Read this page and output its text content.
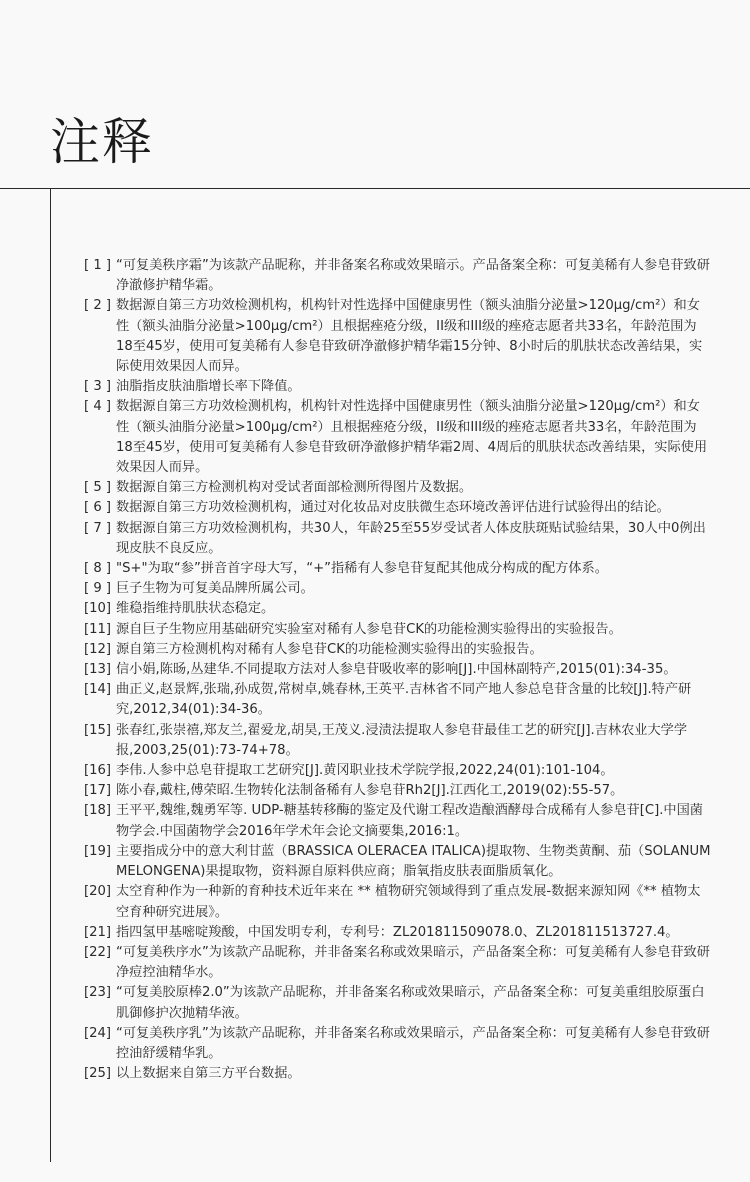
注释
[ 1 ] “可复美秩序霜”为该款产品昵称，并非备案名称或效果暗示。产品备案全称：可复美稀有人参皂苷致研净澈修护精华霜。
[ 2 ] 数据源自第三方功效检测机构，机构针对性选择中国健康男性（额头油脂分泌量>120μg/cm²）和女性（额头油脂分泌量>100μg/cm²）且根据痤疮分级，II级和III级的痤疮志愿者共33名，年龄范围为18至45岁，使用可复美稀有人参皂苷致研净澈修护精华霜15分钟、8小时后的肌肤状态改善结果，实际使用效果因人而异。
[ 3 ] 油脂指皮肤油脂增长率下降值。
[ 4 ] 数据源自第三方功效检测机构，机构针对性选择中国健康男性（额头油脂分泌量>120μg/cm²）和女性（额头油脂分泌量>100μg/cm²）且根据痤疮分级，II级和III级的痤疮志愿者共33名，年龄范围为18至45岁，使用可复美稀有人参皂苷致研净澈修护精华霜2周、4周后的肌肤状态改善结果，实际使用效果因人而异。
[ 5 ] 数据源自第三方检测机构对受试者面部检测所得图片及数据。
[ 6 ] 数据源自第三方功效检测机构，通过对化妆品对皮肤微生态环境改善评估进行试验得出的结论。
[ 7 ] 数据源自第三方功效检测机构，共30人，年龄25至55岁受试者人体皮肤斑贴试验结果，30人中0例出现皮肤不良反应。
[ 8 ] "S+"为取“参”拼音首字母大写，“+”指稀有人参皂苷复配其他成分构成的配方体系。
[ 9 ] 巨子生物为可复美品牌所属公司。
[10] 维稳指维持肌肤状态稳定。
[11] 源自巨子生物应用基础研究实验室对稀有人参皂苷CK的功能检测实验得出的实验报告。
[12] 源自第三方检测机构对稀有人参皂苷CK的功能检测实验得出的实验报告。
[13] 信小娟,陈旸,丛建华.不同提取方法对人参皂苷吸收率的影响[J].中国林副特产,2015(01):34-35。
[14] 曲正义,赵景辉,张瑞,孙成贺,常树卓,姚春林,王英平.吉林省不同产地人参总皂苷含量的比较[J].特产研究,2012,34(01):34-36。
[15] 张春红,张崇禧,郑友兰,翟爱龙,胡昊,王茂义.浸渍法提取人参皂苷最佳工艺的研究[J].吉林农业大学学报,2003,25(01):73-74+78。
[16] 李伟.人参中总皂苷提取工艺研究[J].黄冈职业技术学院学报,2022,24(01):101-104。
[17] 陈小春,戴柱,傅荣昭.生物转化法制备稀有人参皂苷Rh2[J].江西化工,2019(02):55-57。
[18] 王平平,魏维,魏勇军等. UDP-糖基转移酶的鉴定及代谢工程改造酿酒酵母合成稀有人参皂苷[C].中国菌物学会.中国菌物学会2016年学术年会论文摘要集,2016:1。
[19] 主要指成分中的意大利甘蓝（BRASSICA OLERACEA ITALICA)提取物、生物类黄酮、茄（SOLANUM MELONGENA)果提取物，资料源自原料供应商；脂氧指皮肤表面脂质氧化。
[20] 太空育种作为一种新的育种技术近年来在 ** 植物研究领域得到了重点发展-数据来源知网《** 植物太空育种研究进展》。
[21] 指四氢甲基嘧啶羧酸，中国发明专利，专利号：ZL201811509078.0、ZL201811513727.4。
[22] “可复美秩序水”为该款产品昵称，并非备案名称或效果暗示，产品备案全称：可复美稀有人参皂苷致研净痘控油精华水。
[23] “可复美胶原棒2.0”为该款产品昵称，并非备案名称或效果暗示，产品备案全称：可复美重组胶原蛋白肌御修护次抛精华液。
[24] “可复美秩序乳”为该款产品昵称，并非备案名称或效果暗示，产品备案全称：可复美稀有人参皂苷致研控油舒缓精华乳。
[25] 以上数据来自第三方平台数据。
